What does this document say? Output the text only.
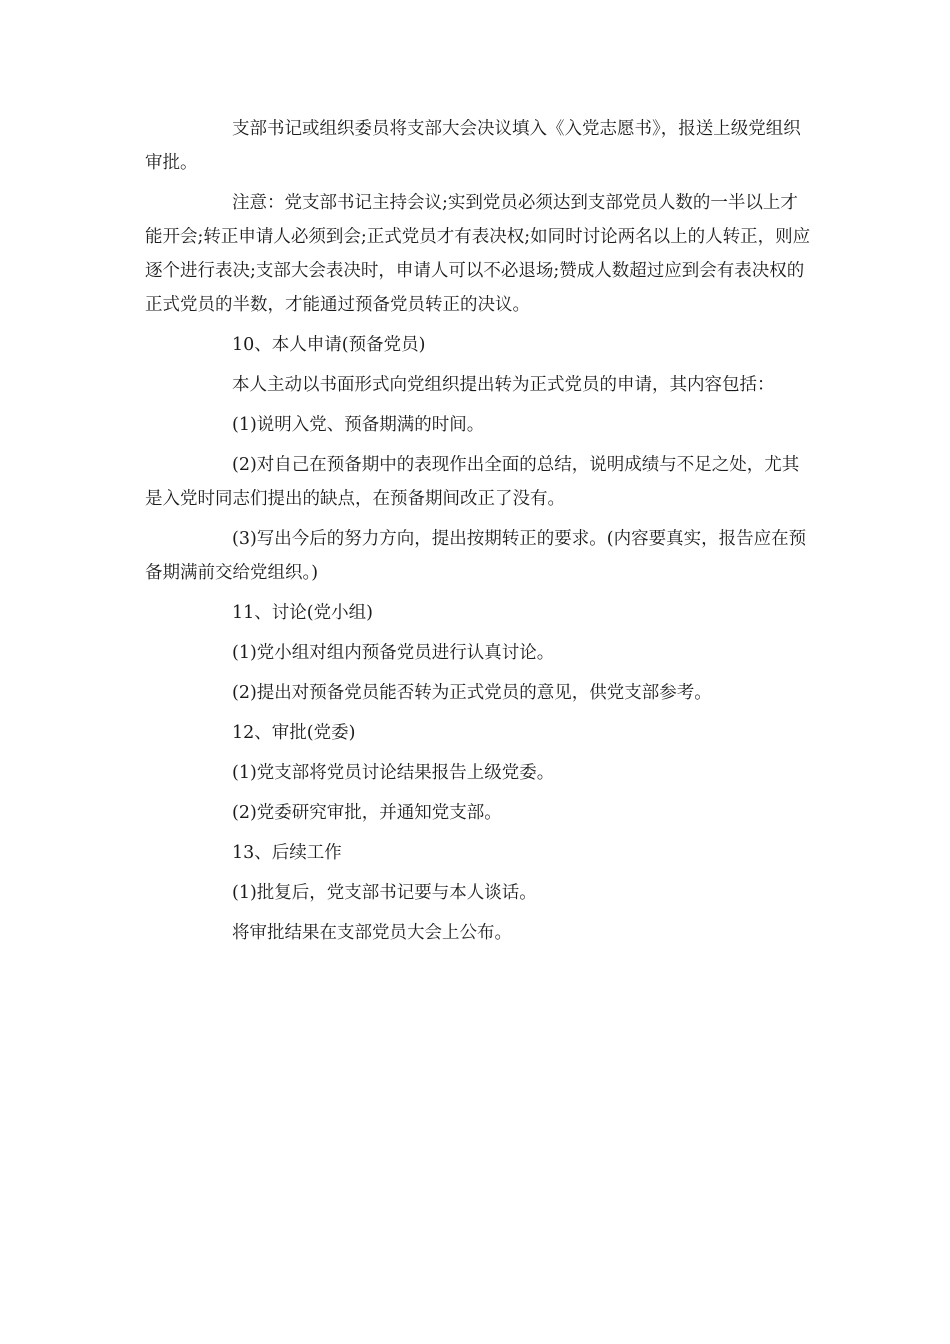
支部书记或组织委员将支部大会决议填入《入党志愿书》，报送上级党组织审批。

注意：党支部书记主持会议;实到党员必须达到支部党员人数的一半以上才能开会;转正申请人必须到会;正式党员才有表决权;如同时讨论两名以上的人转正，则应逐个进行表决;支部大会表决时，申请人可以不必退场;赞成人数超过应到会有表决权的正式党员的半数，才能通过预备党员转正的决议。

10、本人申请(预备党员)

本人主动以书面形式向党组织提出转为正式党员的申请，其内容包括：

(1)说明入党、预备期满的时间。

(2)对自己在预备期中的表现作出全面的总结，说明成绩与不足之处，尤其是入党时同志们提出的缺点，在预备期间改正了没有。

(3)写出今后的努力方向，提出按期转正的要求。(内容要真实，报告应在预备期满前交给党组织。)

11、讨论(党小组)

(1)党小组对组内预备党员进行认真讨论。

(2)提出对预备党员能否转为正式党员的意见，供党支部参考。

12、审批(党委)

(1)党支部将党员讨论结果报告上级党委。

(2)党委研究审批，并通知党支部。

13、后续工作

(1)批复后，党支部书记要与本人谈话。

将审批结果在支部党员大会上公布。
